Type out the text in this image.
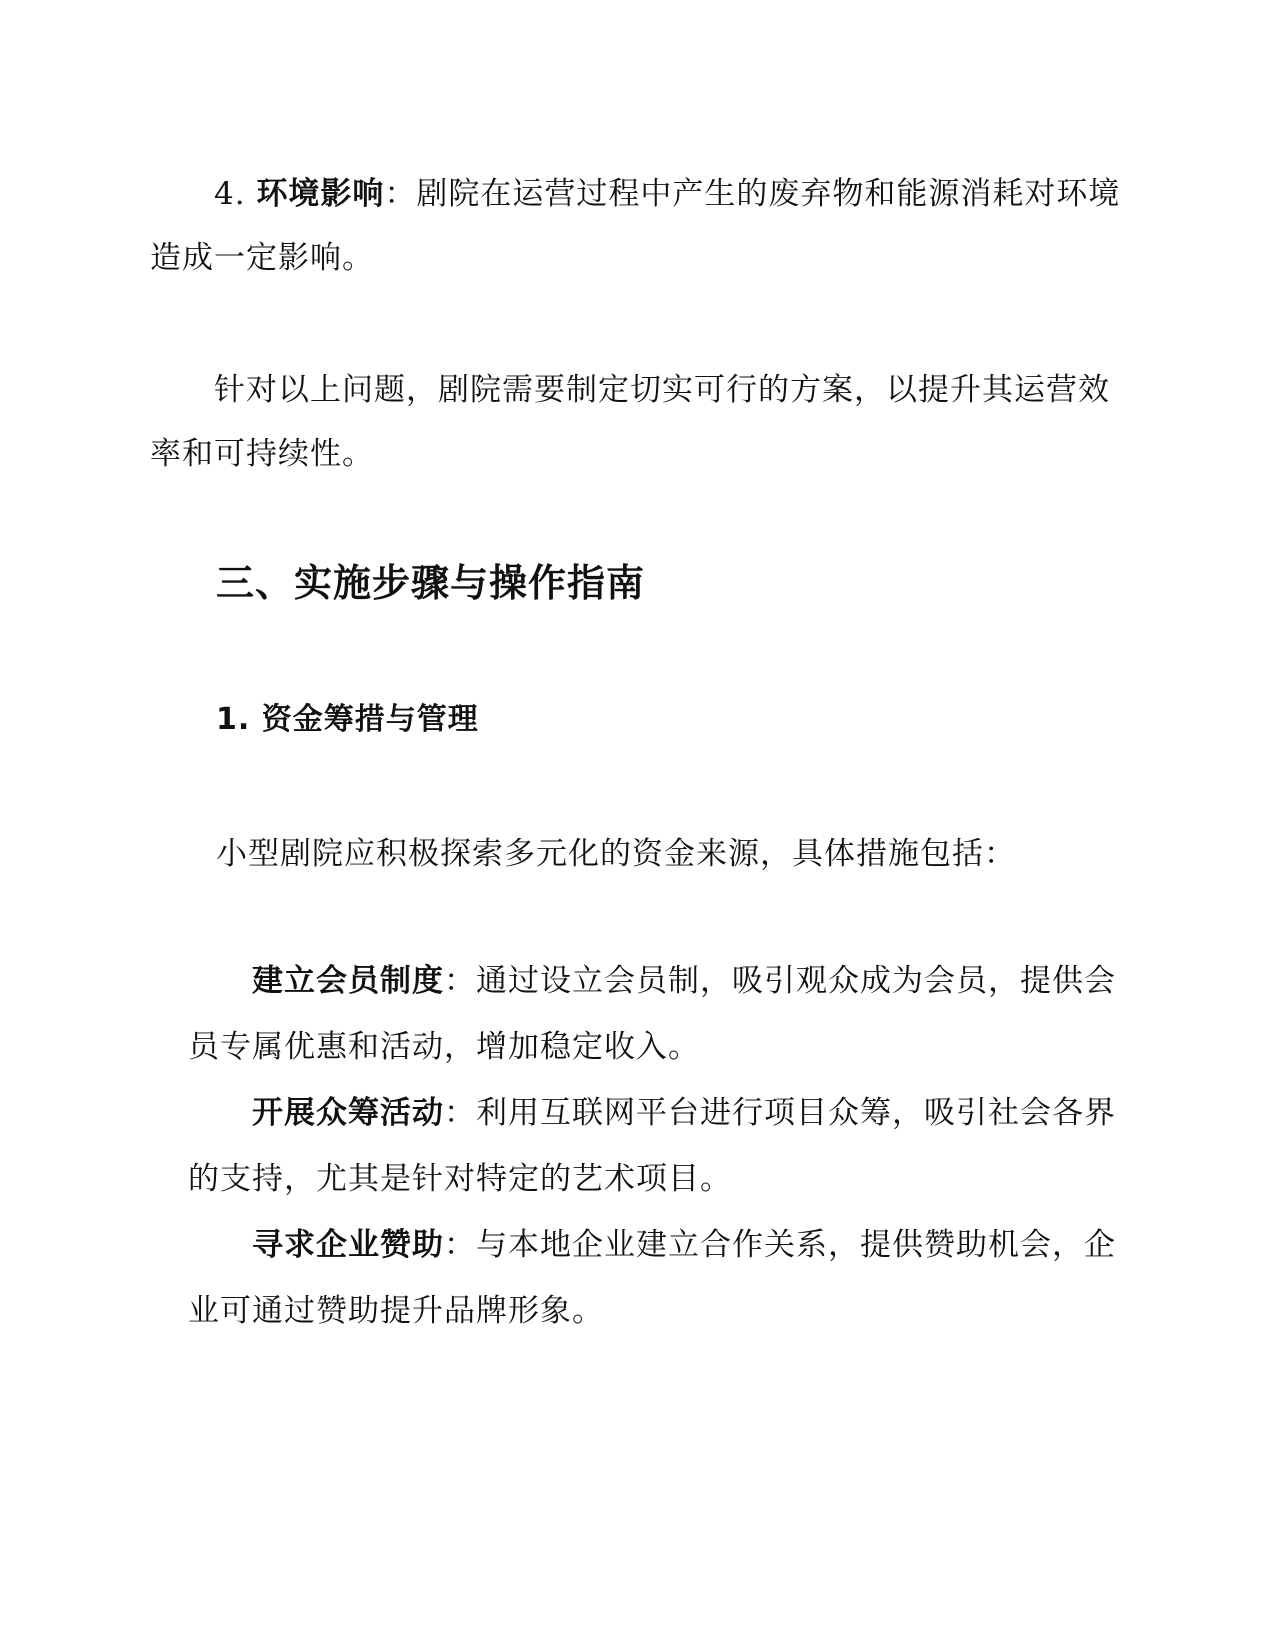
4. 环境影响：剧院在运营过程中产生的废弃物和能源消耗对环境造成一定影响。

针对以上问题，剧院需要制定切实可行的方案，以提升其运营效率和可持续性。

三、实施步骤与操作指南
1. 资金筹措与管理

小型剧院应积极探索多元化的资金来源，具体措施包括：

建立会员制度：通过设立会员制，吸引观众成为会员，提供会员专属优惠和活动，增加稳定收入。
开展众筹活动：利用互联网平台进行项目众筹，吸引社会各界的支持，尤其是针对特定的艺术项目。
寻求企业赞助：与本地企业建立合作关系，提供赞助机会，企业可通过赞助提升品牌形象。
